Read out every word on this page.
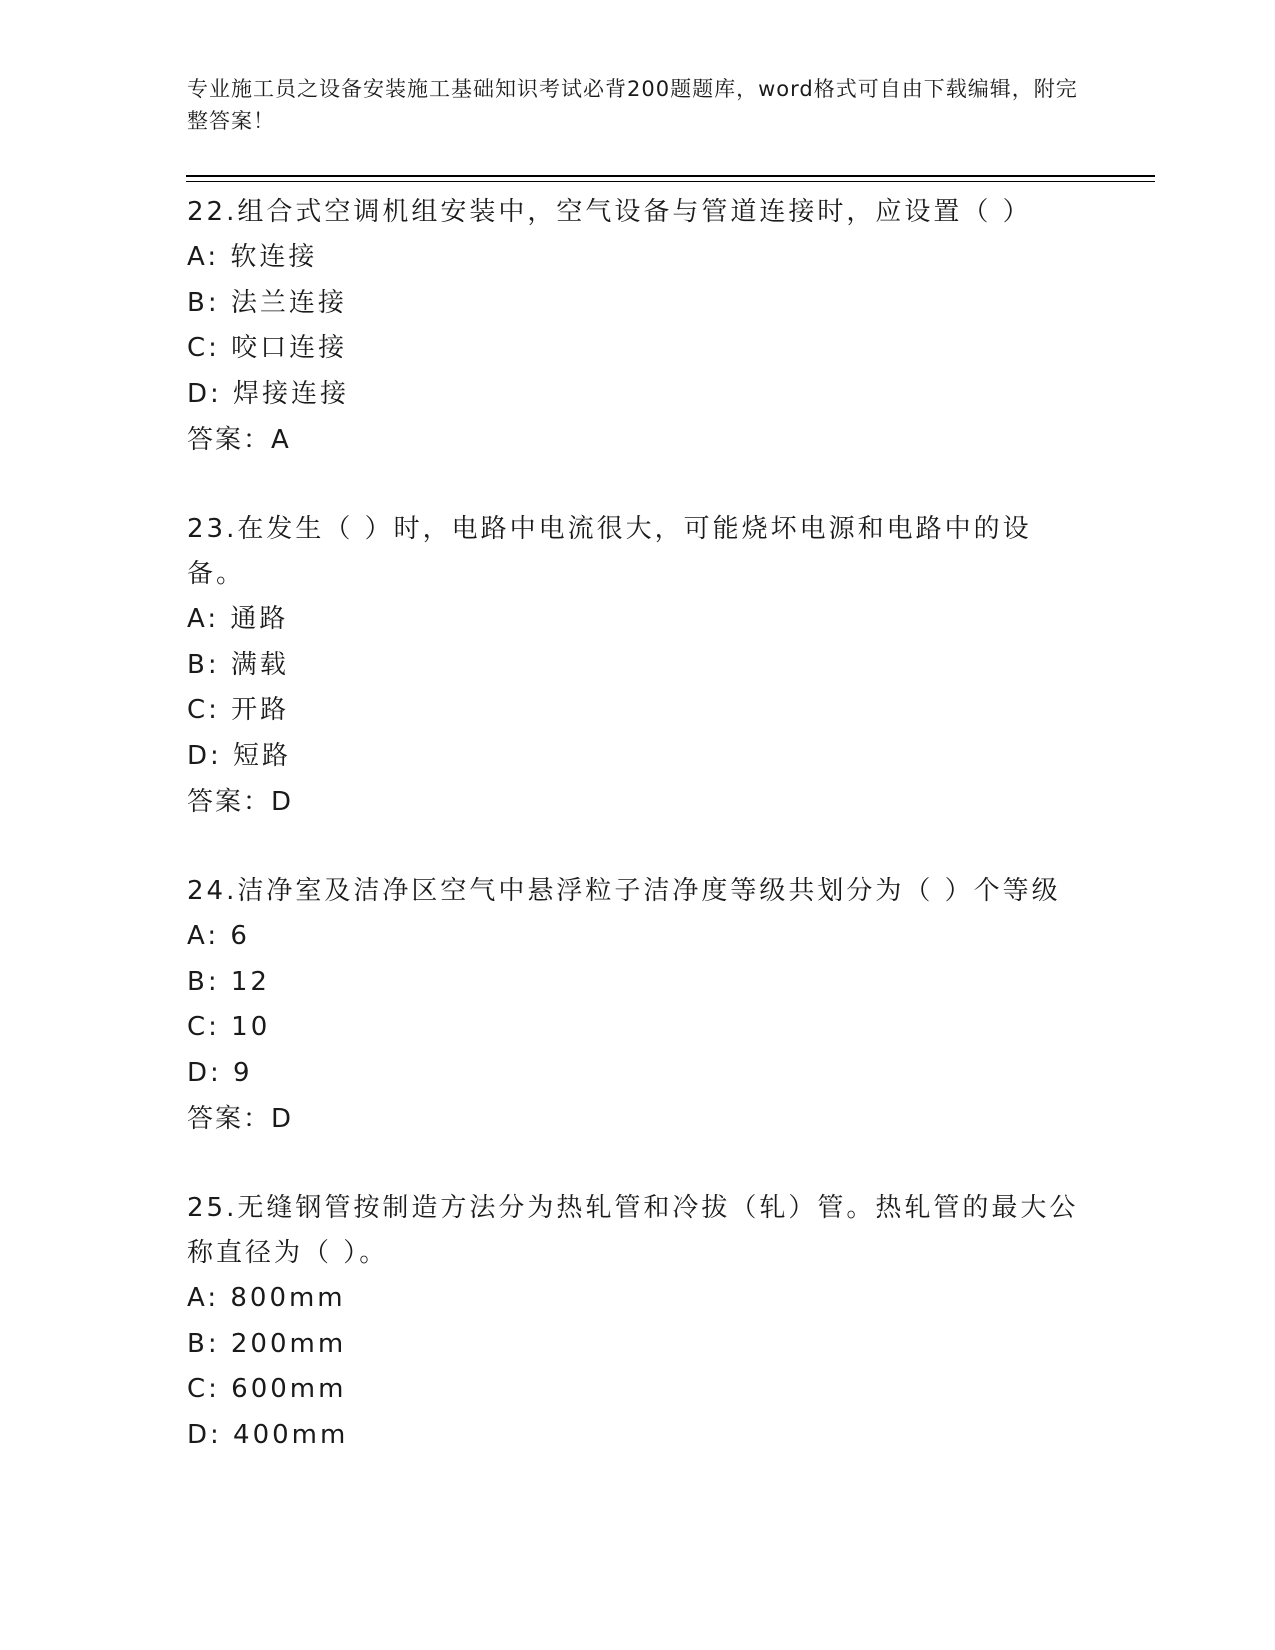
专业施工员之设备安装施工基础知识考试必背200题题库，word格式可自由下载编辑，附完整答案！
22.组合式空调机组安装中，空气设备与管道连接时，应设置（ ）
A: 软连接
B: 法兰连接
C: 咬口连接
D: 焊接连接
答案：A
23.在发生（ ）时，电路中电流很大，可能烧坏电源和电路中的设备。
A: 通路
B: 满载
C: 开路
D: 短路
答案：D
24.洁净室及洁净区空气中悬浮粒子洁净度等级共划分为（ ）个等级
A: 6
B: 12
C: 10
D: 9
答案：D
25.无缝钢管按制造方法分为热轧管和冷拔（轧）管。热轧管的最大公称直径为（ ）。
A: 800mm
B: 200mm
C: 600mm
D: 400mm
